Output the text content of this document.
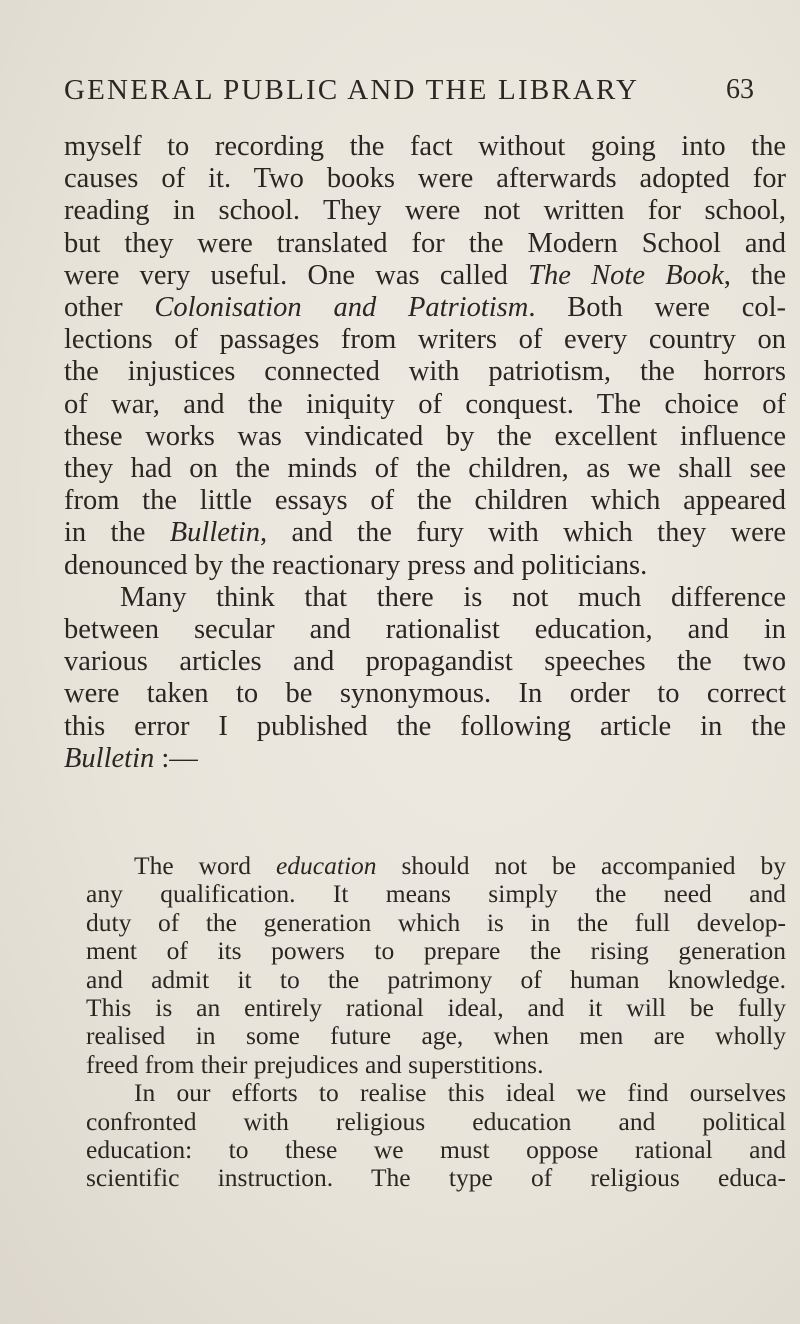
GENERAL PUBLIC AND THE LIBRARY	63
myself to recording the fact without going into the
causes of it. Two books were afterwards adopted for
reading in school. They were not written for school,
but they were translated for the Modern School and
were very useful. One was called The Note Book, the
other Colonisation and Patriotism. Both were col-
lections of passages from writers of every country on
the injustices connected with patriotism, the horrors
of war, and the iniquity of conquest. The choice of
these works was vindicated by the excellent influence
they had on the minds of the children, as we shall see
from the little essays of the children which appeared
in the Bulletin, and the fury with which they were
denounced by the reactionary press and politicians.
Many think that there is not much difference
between secular and rationalist education, and in
various articles and propagandist speeches the two
were taken to be synonymous. In order to correct
this error I published the following article in the
Bulletin :—
The word education should not be accompanied by
any qualification. It means simply the need and
duty of the generation which is in the full develop-
ment of its powers to prepare the rising generation
and admit it to the patrimony of human knowledge.
This is an entirely rational ideal, and it will be fully
realised in some future age, when men are wholly
freed from their prejudices and superstitions.
In our efforts to realise this ideal we find ourselves
confronted with religious education and political
education: to these we must oppose rational and
scientific instruction. The type of religious educa-
